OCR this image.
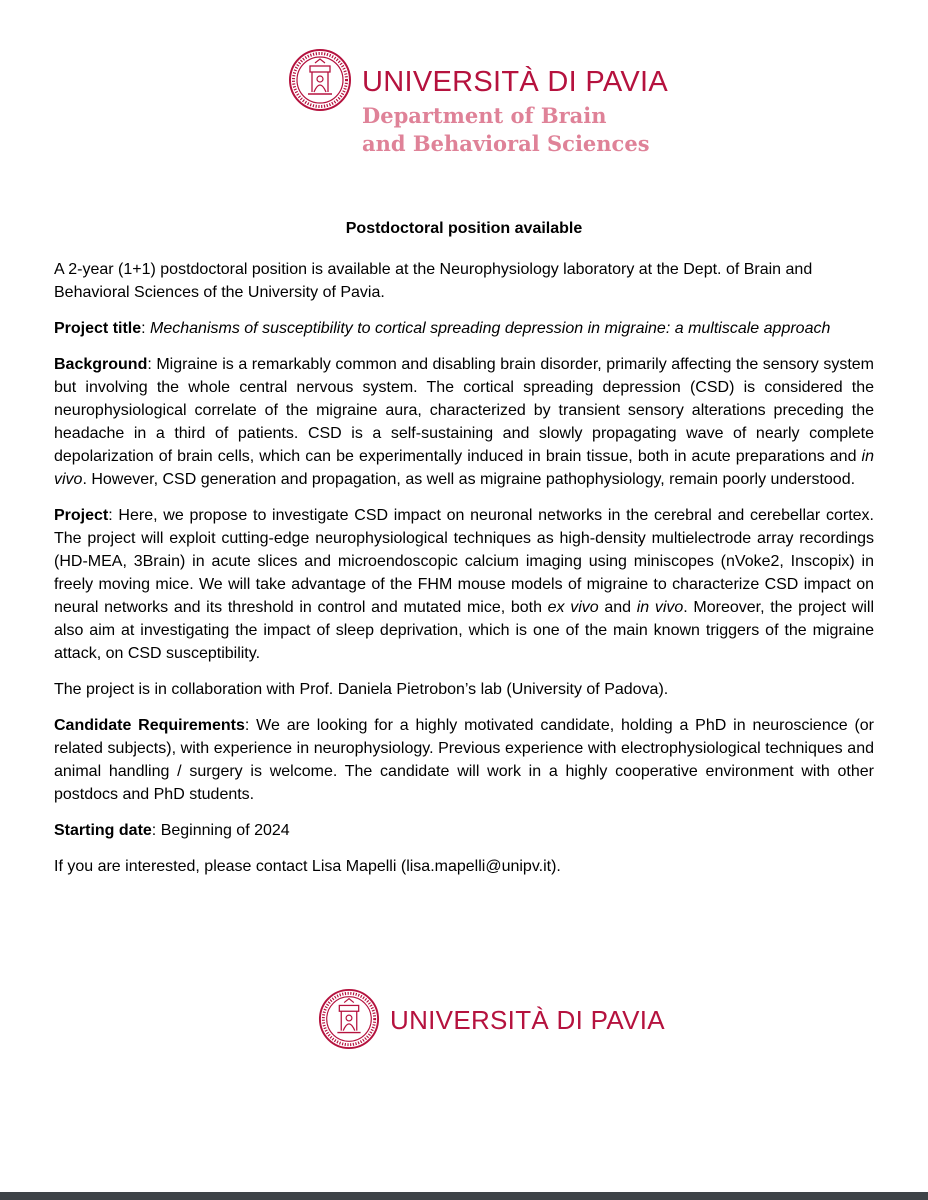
UNIVERSITÀ DI PAVIA
Department of Brain
and Behavioral Sciences
Postdoctoral position available

A 2-year (1+1) postdoctoral position is available at the Neurophysiology laboratory at the Dept. of Brain and Behavioral Sciences of the University of Pavia.

Project title: Mechanisms of susceptibility to cortical spreading depression in migraine: a multiscale approach

Background: Migraine is a remarkably common and disabling brain disorder, primarily affecting the sensory system but involving the whole central nervous system. The cortical spreading depression (CSD) is considered the neurophysiological correlate of the migraine aura, characterized by transient sensory alterations preceding the headache in a third of patients. CSD is a self-sustaining and slowly propagating wave of nearly complete depolarization of brain cells, which can be experimentally induced in brain tissue, both in acute preparations and in vivo. However, CSD generation and propagation, as well as migraine pathophysiology, remain poorly understood.

Project: Here, we propose to investigate CSD impact on neuronal networks in the cerebral and cerebellar cortex. The project will exploit cutting-edge neurophysiological techniques as high-density multielectrode array recordings (HD-MEA, 3Brain) in acute slices and microendoscopic calcium imaging using miniscopes (nVoke2, Inscopix) in freely moving mice. We will take advantage of the FHM mouse models of migraine to characterize CSD impact on neural networks and its threshold in control and mutated mice, both ex vivo and in vivo. Moreover, the project will also aim at investigating the impact of sleep deprivation, which is one of the main known triggers of the migraine attack, on CSD susceptibility.

The project is in collaboration with Prof. Daniela Pietrobon’s lab (University of Padova).

Candidate Requirements: We are looking for a highly motivated candidate, holding a PhD in neuroscience (or related subjects), with experience in neurophysiology. Previous experience with electrophysiological techniques and animal handling / surgery is welcome. The candidate will work in a highly cooperative environment with other postdocs and PhD students.

Starting date: Beginning of 2024

If you are interested, please contact Lisa Mapelli (lisa.mapelli@unipv.it).

UNIVERSITÀ DI PAVIA
